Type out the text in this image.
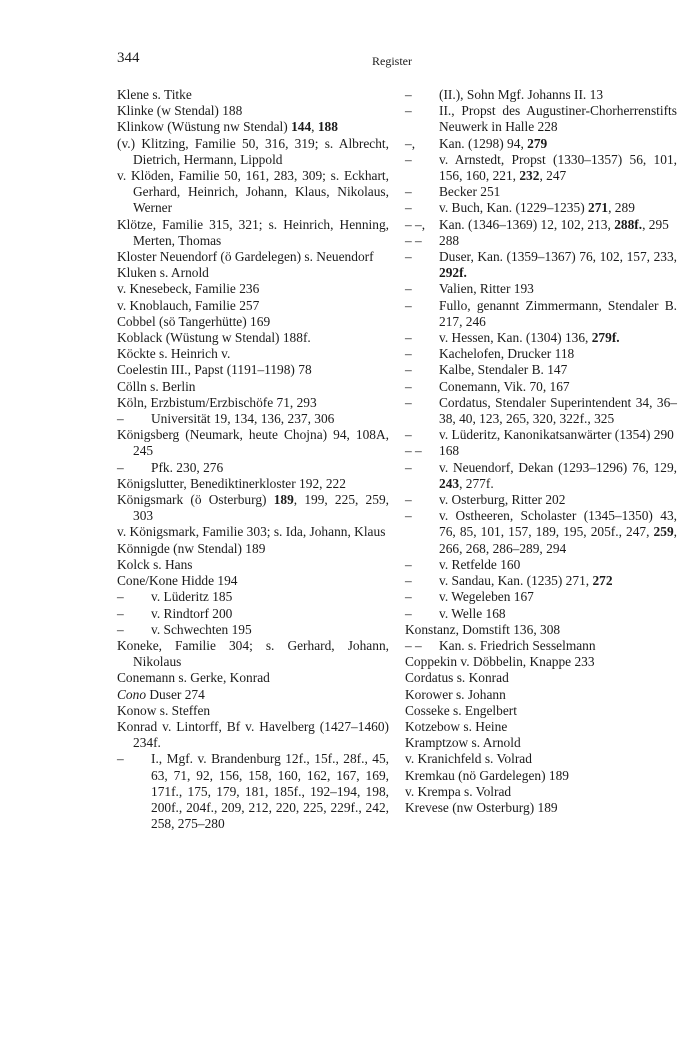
344	Register
Klene s. Titke
Klinke (w Stendal) 188
Klinkow (Wüstung nw Stendal) 144, 188
(v.) Klitzing, Familie 50, 316, 319; s. Albrecht, Dietrich, Hermann, Lippold
v. Klöden, Familie 50, 161, 283, 309; s. Eckhart, Gerhard, Heinrich, Johann, Klaus, Nikolaus, Werner
Klötze, Familie 315, 321; s. Heinrich, Henning, Merten, Thomas
Kloster Neuendorf (ö Gardelegen) s. Neuendorf
Kluken s. Arnold
v. Knesebeck, Familie 236
v. Knoblauch, Familie 257
Cobbel (sö Tangerhütte) 169
Koblack (Wüstung w Stendal) 188f.
Köckte s. Heinrich v.
Coelestin III., Papst (1191–1198) 78
Cölln s. Berlin
Köln, Erzbistum/Erzbischöfe 71, 293
– Universität 19, 134, 136, 237, 306
Königsberg (Neumark, heute Chojna) 94, 108A, 245
– Pfk. 230, 276
Königslutter, Benediktinerkloster 192, 222
Königsmark (ö Osterburg) 189, 199, 225, 259, 303
v. Königsmark, Familie 303; s. Ida, Johann, Klaus
Könnigde (nw Stendal) 189
Kolck s. Hans
Cone/Kone Hidde 194
– v. Lüderitz 185
– v. Rindtorf 200
– v. Schwechten 195
Koneke, Familie 304; s. Gerhard, Johann, Nikolaus
Conemann s. Gerke, Konrad
Cono Duser 274
Konow s. Steffen
Konrad v. Lintorff, Bf v. Havelberg (1427–1460) 234f.
– I., Mgf. v. Brandenburg 12f., 15f., 28f., 45, 63, 71, 92, 156, 158, 160, 162, 167, 169, 171f., 175, 179, 181, 185f., 192–194, 198, 200f., 204f., 209, 212, 220, 225, 229f., 242, 258, 275–280
– (II.), Sohn Mgf. Johanns II. 13
– II., Propst des Augustiner-Chorherrenstifts Neuwerk in Halle 228
–, Kan. (1298) 94, 279
– v. Arnstedt, Propst (1330–1357) 56, 101, 156, 160, 221, 232, 247
– Becker 251
– v. Buch, Kan. (1229–1235) 271, 289
– –, Kan. (1346–1369) 12, 102, 213, 288f., 295
– – 288
– Duser, Kan. (1359–1367) 76, 102, 157, 233, 292f.
– Valien, Ritter 193
– Fullo, genannt Zimmermann, Stendaler B. 217, 246
– v. Hessen, Kan. (1304) 136, 279f.
– Kachelofen, Drucker 118
– Kalbe, Stendaler B. 147
– Conemann, Vik. 70, 167
– Cordatus, Stendaler Superintendent 34, 36–38, 40, 123, 265, 320, 322f., 325
– v. Lüderitz, Kanonikatsanwärter (1354) 290
– – 168
– v. Neuendorf, Dekan (1293–1296) 76, 129, 243, 277f.
– v. Osterburg, Ritter 202
– v. Ostheeren, Scholaster (1345–1350) 43, 76, 85, 101, 157, 189, 195, 205f., 247, 259, 266, 268, 286–289, 294
– v. Retfelde 160
– v. Sandau, Kan. (1235) 271, 272
– v. Wegeleben 167
– v. Welle 168
Konstanz, Domstift 136, 308
– – Kan. s. Friedrich Sesselmann
Coppekin v. Döbbelin, Knappe 233
Cordatus s. Konrad
Korower s. Johann
Cosseke s. Engelbert
Kotzebow s. Heine
Kramptzow s. Arnold
v. Kranichfeld s. Volrad
Kremkau (nö Gardelegen) 189
v. Krempa s. Volrad
Krevese (nw Osterburg) 189
